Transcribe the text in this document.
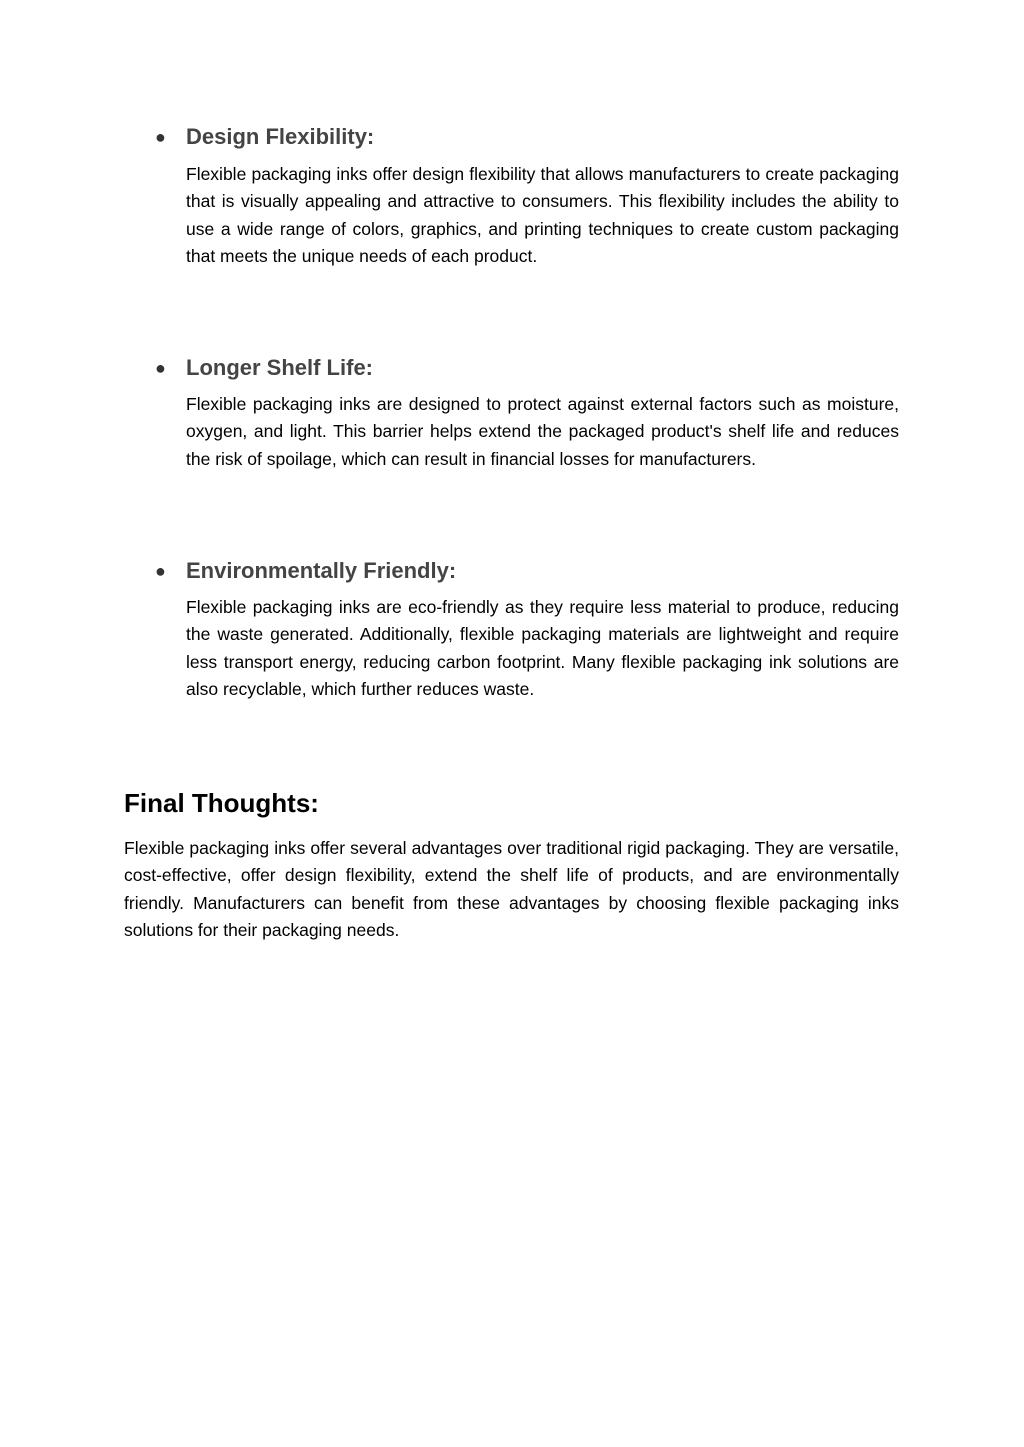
● Design Flexibility:

Flexible packaging inks offer design flexibility that allows manufacturers to create packaging that is visually appealing and attractive to consumers. This flexibility includes the ability to use a wide range of colors, graphics, and printing techniques to create custom packaging that meets the unique needs of each product.

● Longer Shelf Life:

Flexible packaging inks are designed to protect against external factors such as moisture, oxygen, and light. This barrier helps extend the packaged product's shelf life and reduces the risk of spoilage, which can result in financial losses for manufacturers.

● Environmentally Friendly:

Flexible packaging inks are eco-friendly as they require less material to produce, reducing the waste generated. Additionally, flexible packaging materials are lightweight and require less transport energy, reducing carbon footprint. Many flexible packaging ink solutions are also recyclable, which further reduces waste.

Final Thoughts:

Flexible packaging inks offer several advantages over traditional rigid packaging. They are versatile, cost-effective, offer design flexibility, extend the shelf life of products, and are environmentally friendly. Manufacturers can benefit from these advantages by choosing flexible packaging inks solutions for their packaging needs.
